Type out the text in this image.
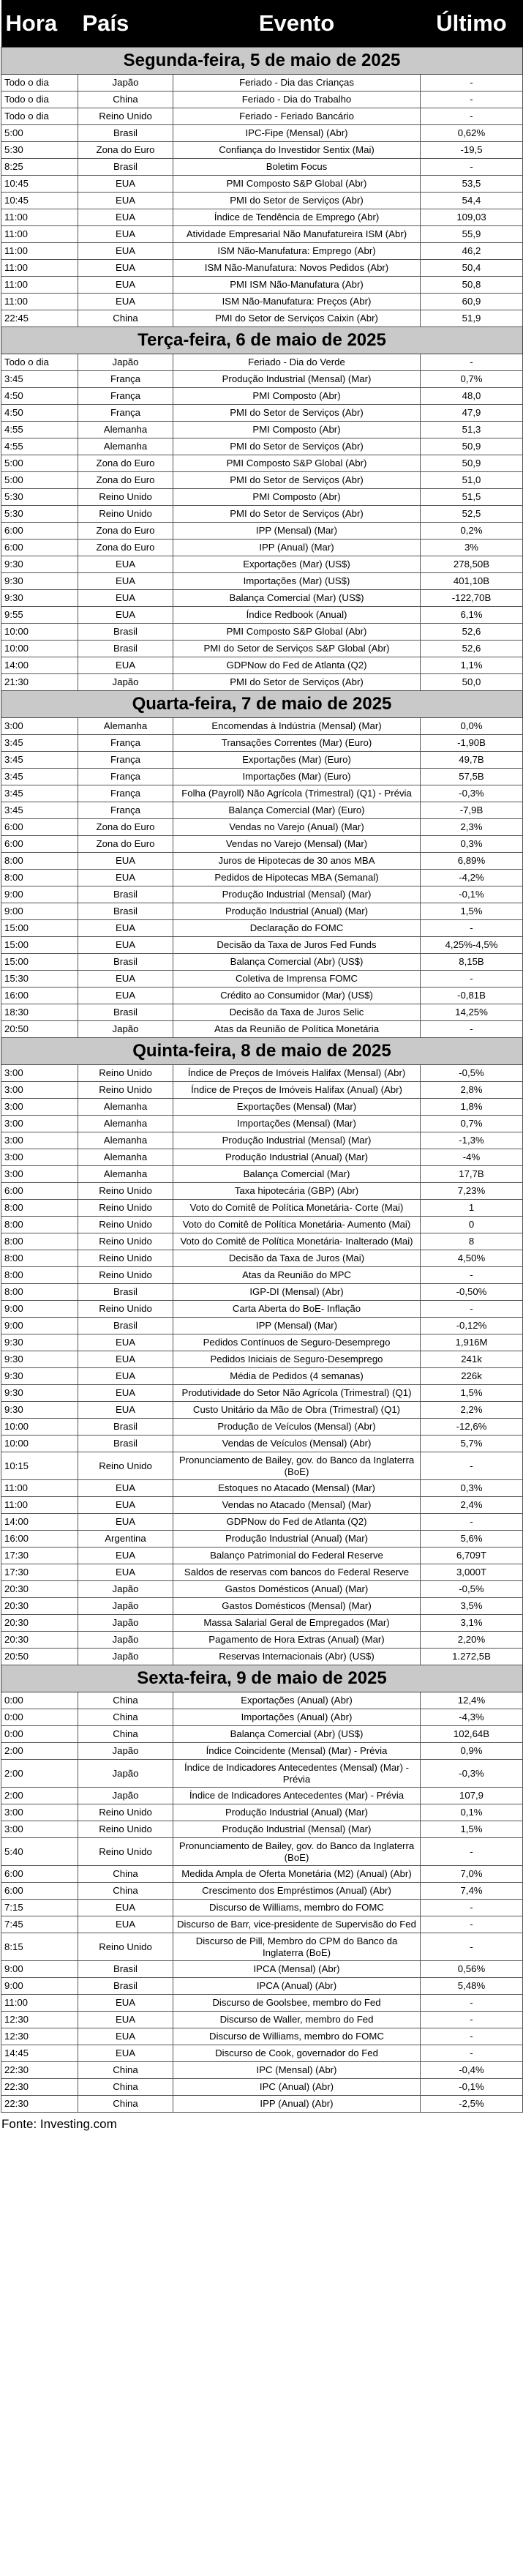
Hora	País	Evento	Último
Segunda-feira, 5 de maio de 2025			
Todo o dia	Japão	Feriado - Dia das Crianças	-
Todo o dia	China	Feriado - Dia do Trabalho	-
Todo o dia	Reino Unido	Feriado - Feriado Bancário	-
5:00	Brasil	IPC-Fipe (Mensal) (Abr)	0,62%
5:30	Zona do Euro	Confiança do Investidor Sentix (Mai)	-19,5
8:25	Brasil	Boletim Focus	-
10:45	EUA	PMI Composto S&P Global (Abr)	53,5
10:45	EUA	PMI do Setor de Serviços (Abr)	54,4
11:00	EUA	Índice de Tendência de Emprego (Abr)	109,03
11:00	EUA	Atividade Empresarial Não Manufatureira ISM (Abr)	55,9
11:00	EUA	ISM Não-Manufatura: Emprego (Abr)	46,2
11:00	EUA	ISM Não-Manufatura: Novos Pedidos (Abr)	50,4
11:00	EUA	PMI ISM Não-Manufatura (Abr)	50,8
11:00	EUA	ISM Não-Manufatura: Preços (Abr)	60,9
22:45	China	PMI do Setor de Serviços Caixin (Abr)	51,9
Terça-feira, 6 de maio de 2025			
Todo o dia	Japão	Feriado - Dia do Verde	-
3:45	França	Produção Industrial (Mensal) (Mar)	0,7%
4:50	França	PMI Composto (Abr)	48,0
4:50	França	PMI do Setor de Serviços (Abr)	47,9
4:55	Alemanha	PMI Composto (Abr)	51,3
4:55	Alemanha	PMI do Setor de Serviços (Abr)	50,9
5:00	Zona do Euro	PMI Composto S&P Global (Abr)	50,9
5:00	Zona do Euro	PMI do Setor de Serviços (Abr)	51,0
5:30	Reino Unido	PMI Composto (Abr)	51,5
5:30	Reino Unido	PMI do Setor de Serviços (Abr)	52,5
6:00	Zona do Euro	IPP (Mensal) (Mar)	0,2%
6:00	Zona do Euro	IPP (Anual) (Mar)	3%
9:30	EUA	Exportações (Mar) (US$)	278,50B
9:30	EUA	Importações (Mar) (US$)	401,10B
9:30	EUA	Balança Comercial (Mar) (US$)	-122,70B
9:55	EUA	Índice Redbook (Anual)	6,1%
10:00	Brasil	PMI Composto S&P Global (Abr)	52,6
10:00	Brasil	PMI do Setor de Serviços S&P Global (Abr)	52,6
14:00	EUA	GDPNow do Fed de Atlanta (Q2)	1,1%
21:30	Japão	PMI do Setor de Serviços (Abr)	50,0
Quarta-feira, 7 de maio de 2025			
3:00	Alemanha	Encomendas à Indústria (Mensal) (Mar)	0,0%
3:45	França	Transações Correntes (Mar) (Euro)	-1,90B
3:45	França	Exportações (Mar) (Euro)	49,7B
3:45	França	Importações (Mar) (Euro)	57,5B
3:45	França	Folha (Payroll) Não Agrícola (Trimestral) (Q1) - Prévia	-0,3%
3:45	França	Balança Comercial (Mar) (Euro)	-7,9B
6:00	Zona do Euro	Vendas no Varejo (Anual) (Mar)	2,3%
6:00	Zona do Euro	Vendas no Varejo (Mensal) (Mar)	0,3%
8:00	EUA	Juros de Hipotecas de 30 anos MBA	6,89%
8:00	EUA	Pedidos de Hipotecas MBA (Semanal)	-4,2%
9:00	Brasil	Produção Industrial (Mensal) (Mar)	-0,1%
9:00	Brasil	Produção Industrial (Anual) (Mar)	1,5%
15:00	EUA	Declaração do FOMC	-
15:00	EUA	Decisão da Taxa de Juros Fed Funds	4,25%-4,5%
15:00	Brasil	Balança Comercial (Abr) (US$)	8,15B
15:30	EUA	Coletiva de Imprensa FOMC	-
16:00	EUA	Crédito ao Consumidor (Mar) (US$)	-0,81B
18:30	Brasil	Decisão da Taxa de Juros Selic	14,25%
20:50	Japão	Atas da Reunião de Política Monetária	-
Quinta-feira, 8 de maio de 2025			
3:00	Reino Unido	Índice de Preços de Imóveis Halifax (Mensal) (Abr)	-0,5%
3:00	Reino Unido	Índice de Preços de Imóveis Halifax (Anual) (Abr)	2,8%
3:00	Alemanha	Exportações (Mensal) (Mar)	1,8%
3:00	Alemanha	Importações (Mensal) (Mar)	0,7%
3:00	Alemanha	Produção Industrial (Mensal) (Mar)	-1,3%
3:00	Alemanha	Produção Industrial (Anual) (Mar)	-4%
3:00	Alemanha	Balança Comercial (Mar)	17,7B
6:00	Reino Unido	Taxa hipotecária (GBP) (Abr)	7,23%
8:00	Reino Unido	Voto do Comitê de Política Monetária- Corte (Mai)	1
8:00	Reino Unido	Voto do Comitê de Política Monetária- Aumento (Mai)	0
8:00	Reino Unido	Voto do Comitê de Política Monetária- Inalterado (Mai)	8
8:00	Reino Unido	Decisão da Taxa de Juros (Mai)	4,50%
8:00	Reino Unido	Atas da Reunião do MPC	-
8:00	Brasil	IGP-DI (Mensal) (Abr)	-0,50%
9:00	Reino Unido	Carta Aberta do BoE- Inflação	-
9:00	Brasil	IPP (Mensal) (Mar)	-0,12%
9:30	EUA	Pedidos Contínuos de Seguro-Desemprego	1,916M
9:30	EUA	Pedidos Iniciais de Seguro-Desemprego	241k
9:30	EUA	Média de Pedidos (4 semanas)	226k
9:30	EUA	Produtividade do Setor Não Agrícola (Trimestral) (Q1)	1,5%
9:30	EUA	Custo Unitário da Mão de Obra (Trimestral) (Q1)	2,2%
10:00	Brasil	Produção de Veículos (Mensal) (Abr)	-12,6%
10:00	Brasil	Vendas de Veículos (Mensal) (Abr)	5,7%
10:15	Reino Unido	Pronunciamento de Bailey, gov. do Banco da Inglaterra (BoE)	-
11:00	EUA	Estoques no Atacado (Mensal) (Mar)	0,3%
11:00	EUA	Vendas no Atacado (Mensal) (Mar)	2,4%
14:00	EUA	GDPNow do Fed de Atlanta (Q2)	-
16:00	Argentina	Produção Industrial (Anual) (Mar)	5,6%
17:30	EUA	Balanço Patrimonial do Federal Reserve	6,709T
17:30	EUA	Saldos de reservas com bancos do Federal Reserve	3,000T
20:30	Japão	Gastos Domésticos (Anual) (Mar)	-0,5%
20:30	Japão	Gastos Domésticos (Mensal) (Mar)	3,5%
20:30	Japão	Massa Salarial Geral de Empregados (Mar)	3,1%
20:30	Japão	Pagamento de Hora Extras (Anual) (Mar)	2,20%
20:50	Japão	Reservas Internacionais (Abr) (US$)	1.272,5B
Sexta-feira, 9 de maio de 2025			
0:00	China	Exportações (Anual) (Abr)	12,4%
0:00	China	Importações (Anual) (Abr)	-4,3%
0:00	China	Balança Comercial (Abr) (US$)	102,64B
2:00	Japão	Índice Coincidente (Mensal) (Mar) - Prévia	0,9%
2:00	Japão	Índice de Indicadores Antecedentes (Mensal) (Mar) - Prévia	-0,3%
2:00	Japão	Índice de Indicadores Antecedentes (Mar) - Prévia	107,9
3:00	Reino Unido	Produção Industrial (Anual) (Mar)	0,1%
3:00	Reino Unido	Produção Industrial (Mensal) (Mar)	1,5%
5:40	Reino Unido	Pronunciamento de Bailey, gov. do Banco da Inglaterra (BoE)	-
6:00	China	Medida Ampla de Oferta Monetária (M2) (Anual) (Abr)	7,0%
6:00	China	Crescimento dos Empréstimos (Anual) (Abr)	7,4%
7:15	EUA	Discurso de Williams, membro do FOMC	-
7:45	EUA	Discurso de Barr, vice-presidente de Supervisão do Fed	-
8:15	Reino Unido	Discurso de Pill, Membro do CPM do Banco da Inglaterra (BoE)	-
9:00	Brasil	IPCA (Mensal) (Abr)	0,56%
9:00	Brasil	IPCA (Anual) (Abr)	5,48%
11:00	EUA	Discurso de Goolsbee, membro do Fed	-
12:30	EUA	Discurso de Waller, membro do Fed	-
12:30	EUA	Discurso de Williams, membro do FOMC	-
14:45	EUA	Discurso de Cook, governador do Fed	-
22:30	China	IPC (Mensal) (Abr)	-0,4%
22:30	China	IPC (Anual) (Abr)	-0,1%
22:30	China	IPP (Anual) (Abr)	-2,5%
Fonte: Investing.com
